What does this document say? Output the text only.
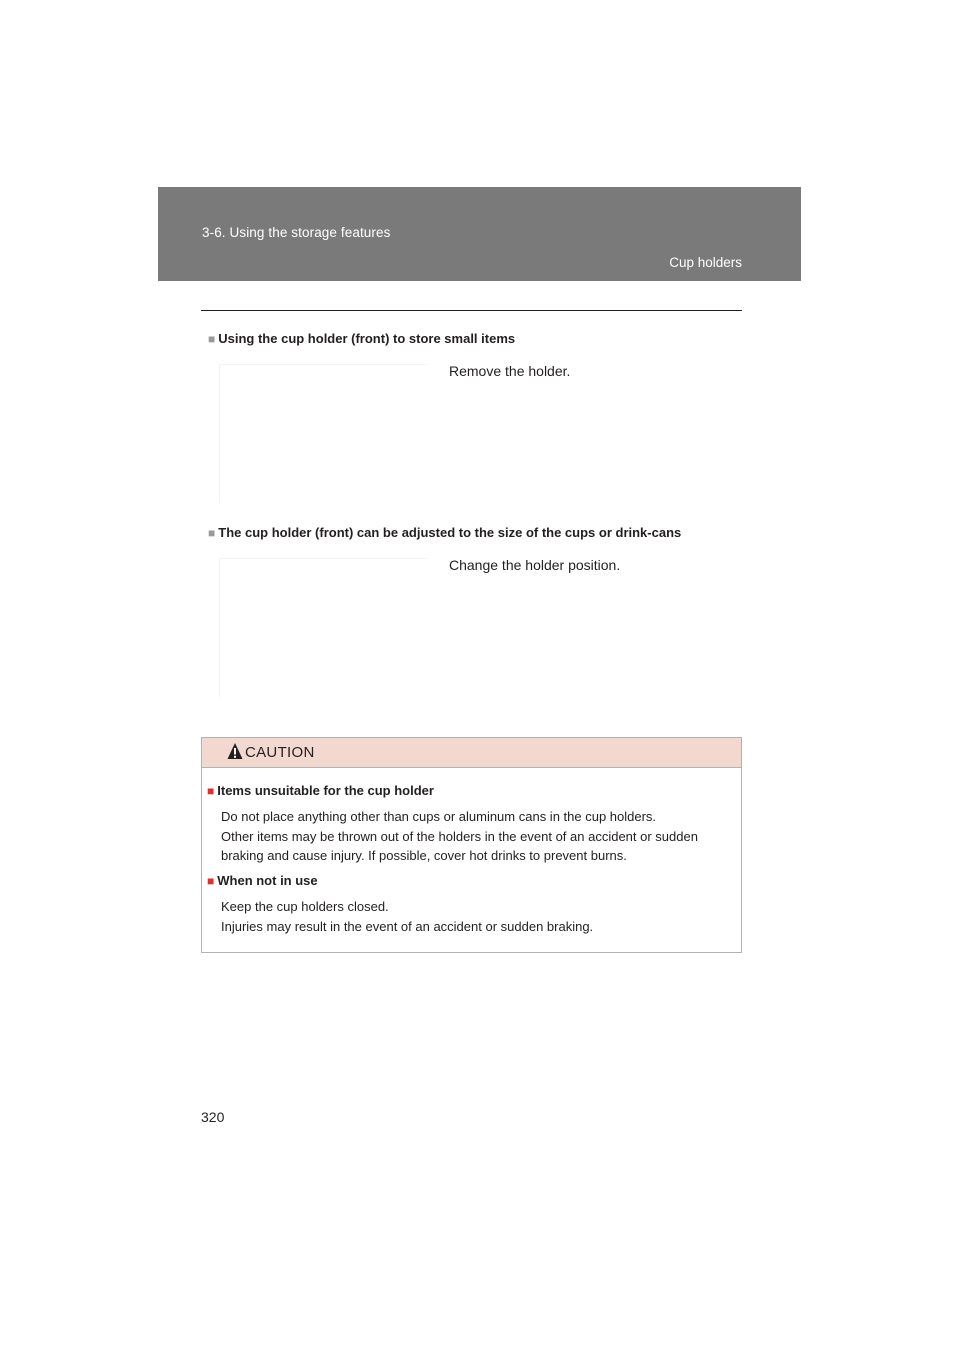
3-6. Using the storage features
Cup holders
■ Using the cup holder (front) to store small items
Remove the holder.
■ The cup holder (front) can be adjusted to the size of the cups or drink-cans
Change the holder position.
CAUTION
■ Items unsuitable for the cup holder
Do not place anything other than cups or aluminum cans in the cup holders.
Other items may be thrown out of the holders in the event of an accident or sudden
braking and cause injury. If possible, cover hot drinks to prevent burns.
■ When not in use
Keep the cup holders closed.
Injuries may result in the event of an accident or sudden braking.
320
